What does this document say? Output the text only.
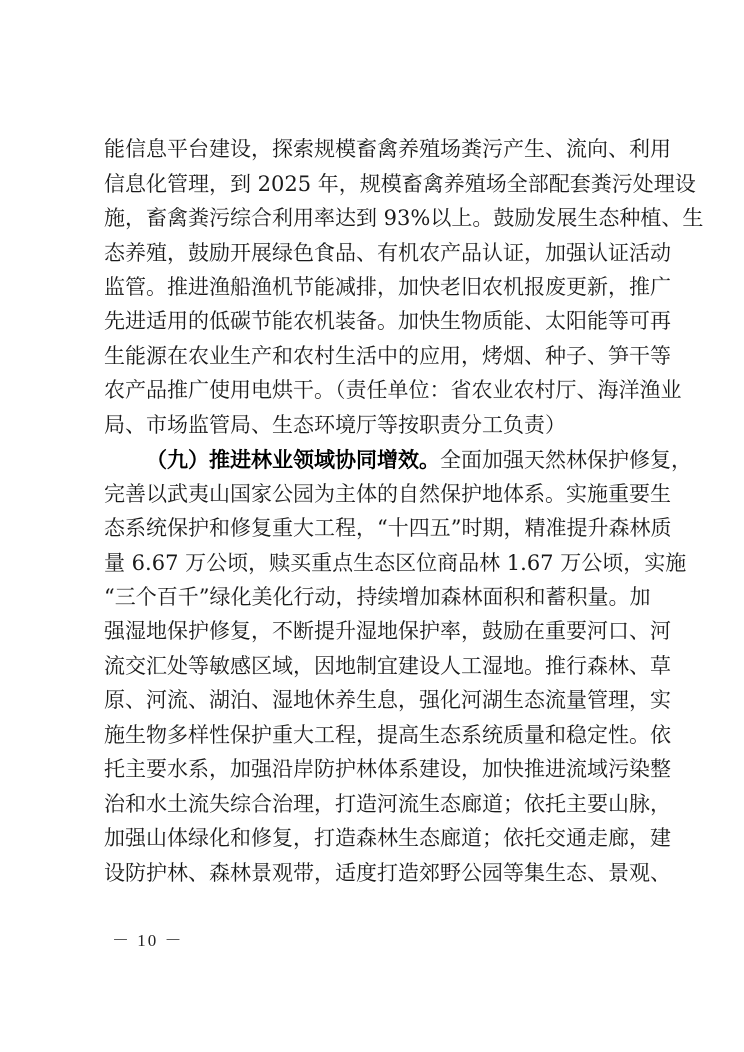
能信息平台建设，探索规模畜禽养殖场粪污产生、流向、利用
信息化管理，到 2025 年，规模畜禽养殖场全部配套粪污处理设
施，畜禽粪污综合利用率达到 93%以上。鼓励发展生态种植、生
态养殖，鼓励开展绿色食品、有机农产品认证，加强认证活动
监管。推进渔船渔机节能减排，加快老旧农机报废更新，推广
先进适用的低碳节能农机装备。加快生物质能、太阳能等可再
生能源在农业生产和农村生活中的应用，烤烟、种子、笋干等
农产品推广使用电烘干。（责任单位：省农业农村厅、海洋渔业
局、市场监管局、生态环境厅等按职责分工负责）
（九）推进林业领域协同增效。全面加强天然林保护修复，
完善以武夷山国家公园为主体的自然保护地体系。实施重要生
态系统保护和修复重大工程，“十四五”时期，精准提升森林质
量 6.67 万公顷，赎买重点生态区位商品林 1.67 万公顷，实施
“三个百千”绿化美化行动，持续增加森林面积和蓄积量。加
强湿地保护修复，不断提升湿地保护率，鼓励在重要河口、河
流交汇处等敏感区域，因地制宜建设人工湿地。推行森林、草
原、河流、湖泊、湿地休养生息，强化河湖生态流量管理，实
施生物多样性保护重大工程，提高生态系统质量和稳定性。依
托主要水系，加强沿岸防护林体系建设，加快推进流域污染整
治和水土流失综合治理，打造河流生态廊道；依托主要山脉，
加强山体绿化和修复，打造森林生态廊道；依托交通走廊，建
设防护林、森林景观带，适度打造郊野公园等集生态、景观、
－ 10 －
